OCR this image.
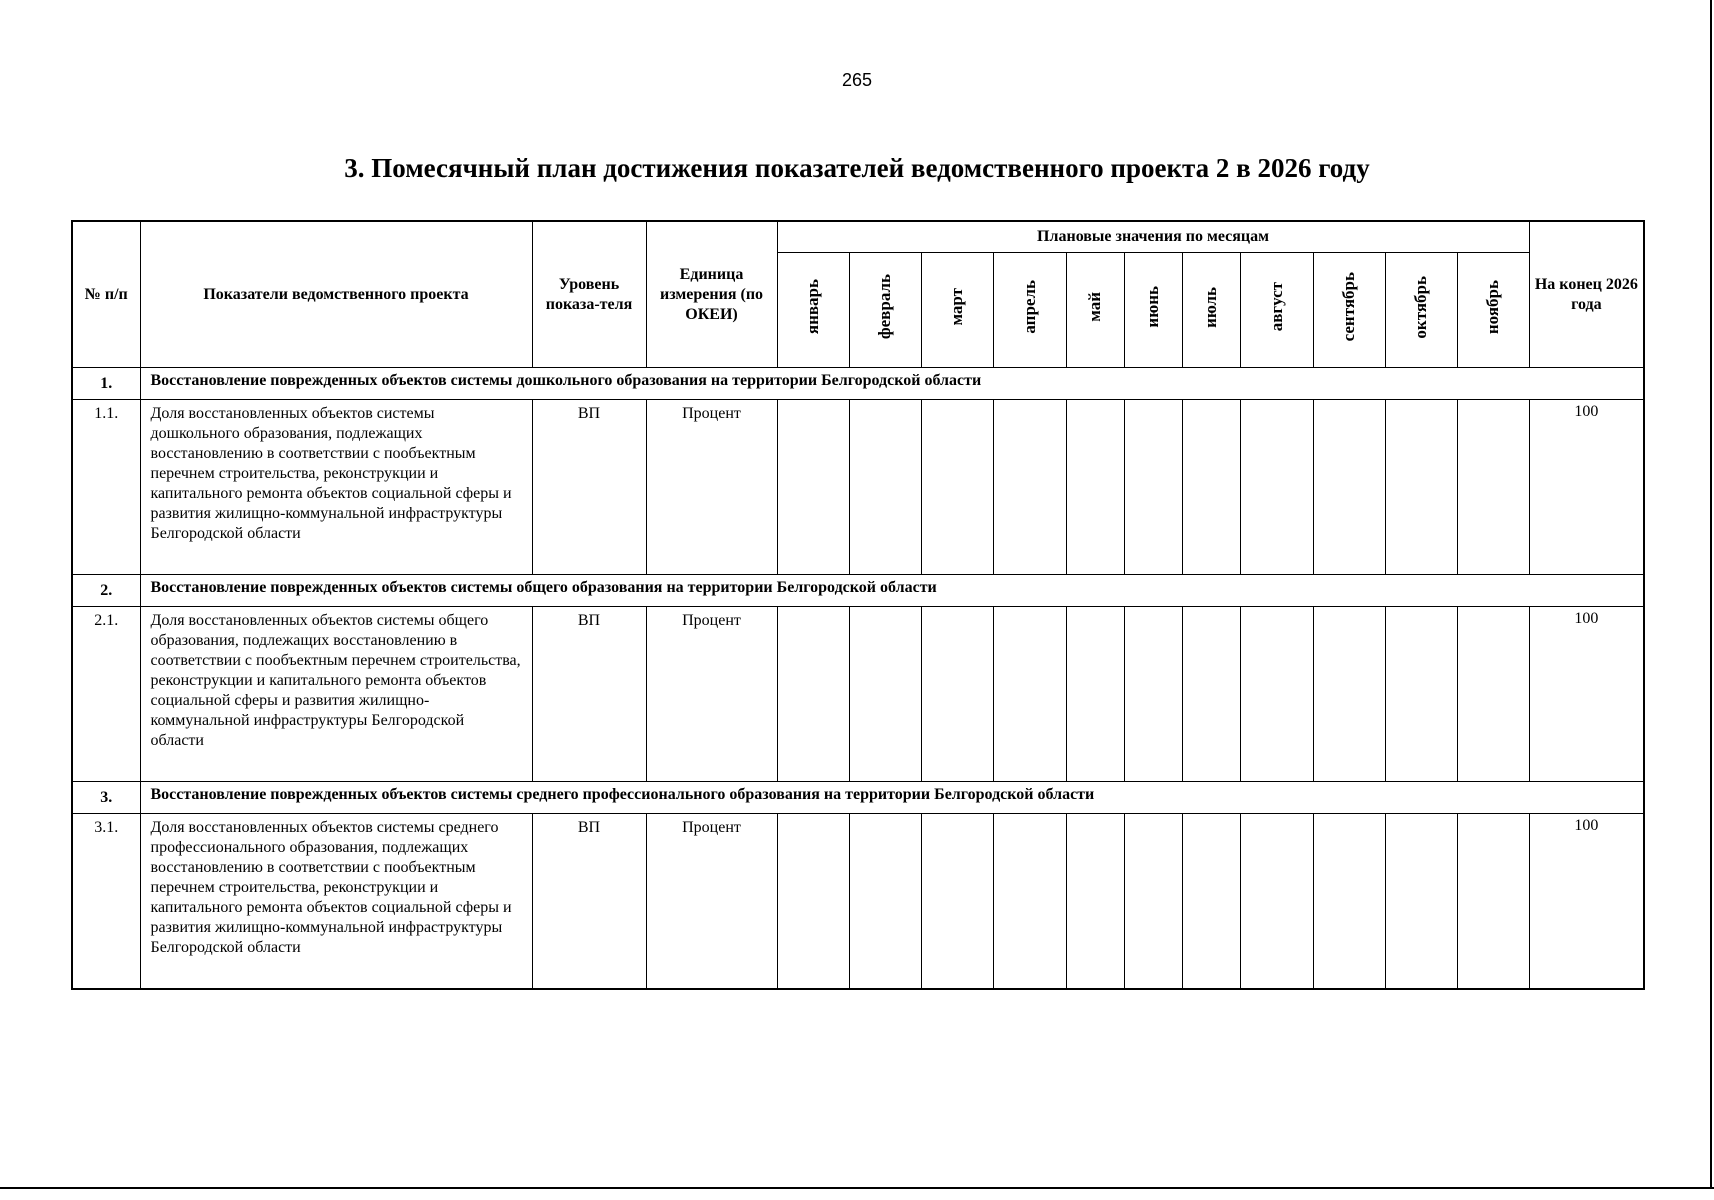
265
3. Помесячный план достижения показателей ведомственного проекта 2 в 2026 году
№ п/п	Показатели ведомственного проекта	Уровень показа-теля	Единица измерения (по ОКЕИ)	Плановые значения по месяцам											На конец 2026 года
				январь	февраль	март	апрель	май	июнь	июль	август	сентябрь	октябрь	ноябрь	
1.	Восстановление поврежденных объектов системы дошкольного образования на территории Белгородской области														
1.1.	Доля восстановленных объектов системы дошкольного образования, подлежащих восстановлению в соответствии с пообъектным перечнем строительства, реконструкции и капитального ремонта объектов социальной сферы и развития жилищно-коммунальной инфраструктуры Белгородской области	ВП	Процент												100
2.	Восстановление поврежденных объектов системы общего образования на территории Белгородской области														
2.1.	Доля восстановленных объектов системы общего образования, подлежащих восстановлению в соответствии с пообъектным перечнем строительства, реконструкции и капитального ремонта объектов социальной сферы и развития жилищно-коммунальной инфраструктуры Белгородской области	ВП	Процент												100
3.	Восстановление поврежденных объектов системы среднего профессионального образования на территории Белгородской области														
3.1.	Доля восстановленных объектов системы среднего профессионального образования, подлежащих восстановлению в соответствии с пообъектным перечнем строительства, реконструкции и капитального ремонта объектов социальной сферы и развития жилищно-коммунальной инфраструктуры Белгородской области	ВП	Процент												100
